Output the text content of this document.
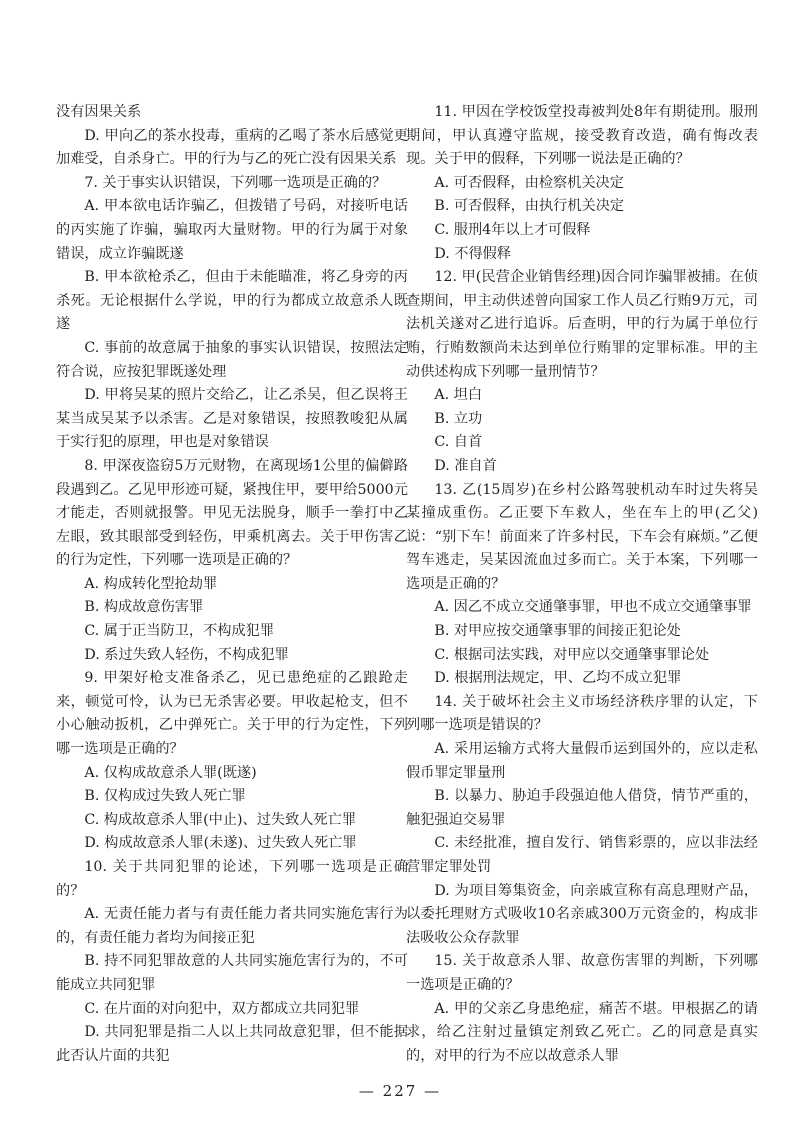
没有因果关系

D. 甲向乙的茶水投毒，重病的乙喝了茶水后感觉更加难受，自杀身亡。甲的行为与乙的死亡没有因果关系

7. 关于事实认识错误，下列哪一选项是正确的？

A. 甲本欲电话诈骗乙，但拨错了号码，对接听电话的丙实施了诈骗，骗取丙大量财物。甲的行为属于对象错误，成立诈骗既遂

B. 甲本欲枪杀乙，但由于未能瞄准，将乙身旁的丙杀死。无论根据什么学说，甲的行为都成立故意杀人既遂

C. 事前的故意属于抽象的事实认识错误，按照法定符合说，应按犯罪既遂处理

D. 甲将吴某的照片交给乙，让乙杀吴，但乙误将王某当成吴某予以杀害。乙是对象错误，按照教唆犯从属于实行犯的原理，甲也是对象错误

8. 甲深夜盗窃5万元财物，在离现场1公里的偏僻路段遇到乙。乙见甲形迹可疑，紧拽住甲，要甲给5000元才能走，否则就报警。甲见无法脱身，顺手一拳打中乙左眼，致其眼部受到轻伤，甲乘机离去。关于甲伤害乙的行为定性，下列哪一选项是正确的？

A. 构成转化型抢劫罪

B. 构成故意伤害罪

C. 属于正当防卫，不构成犯罪

D. 系过失致人轻伤，不构成犯罪

9. 甲架好枪支准备杀乙，见已患绝症的乙踉跄走来，顿觉可怜，认为已无杀害必要。甲收起枪支，但不小心触动扳机，乙中弹死亡。关于甲的行为定性，下列哪一选项是正确的？

A. 仅构成故意杀人罪(既遂)

B. 仅构成过失致人死亡罪

C. 构成故意杀人罪(中止)、过失致人死亡罪

D. 构成故意杀人罪(未遂)、过失致人死亡罪

10. 关于共同犯罪的论述，下列哪一选项是正确的？

A. 无责任能力者与有责任能力者共同实施危害行为的，有责任能力者均为间接正犯

B. 持不同犯罪故意的人共同实施危害行为的，不可能成立共同犯罪

C. 在片面的对向犯中，双方都成立共同犯罪

D. 共同犯罪是指二人以上共同故意犯罪，但不能据此否认片面的共犯

11. 甲因在学校饭堂投毒被判处8年有期徒刑。服刑期间，甲认真遵守监规，接受教育改造，确有悔改表现。关于甲的假释，下列哪一说法是正确的？

A. 可否假释，由检察机关决定

B. 可否假释，由执行机关决定

C. 服刑4年以上才可假释

D. 不得假释

12. 甲(民营企业销售经理)因合同诈骗罪被捕。在侦查期间，甲主动供述曾向国家工作人员乙行贿9万元，司法机关遂对乙进行追诉。后查明，甲的行为属于单位行贿，行贿数额尚未达到单位行贿罪的定罪标准。甲的主动供述构成下列哪一量刑情节？

A. 坦白

B. 立功

C. 自首

D. 准自首

13. 乙(15周岁)在乡村公路驾驶机动车时过失将吴某撞成重伤。乙正要下车救人，坐在车上的甲(乙父)说：“别下车！前面来了许多村民，下车会有麻烦。”乙便驾车逃走，吴某因流血过多而亡。关于本案，下列哪一选项是正确的？

A. 因乙不成立交通肇事罪，甲也不成立交通肇事罪

B. 对甲应按交通肇事罪的间接正犯论处

C. 根据司法实践，对甲应以交通肇事罪论处

D. 根据刑法规定，甲、乙均不成立犯罪

14. 关于破坏社会主义市场经济秩序罪的认定，下列哪一选项是错误的？

A. 采用运输方式将大量假币运到国外的，应以走私假币罪定罪量刑

B. 以暴力、胁迫手段强迫他人借贷，情节严重的，触犯强迫交易罪

C. 未经批准，擅自发行、销售彩票的，应以非法经营罪定罪处罚

D. 为项目筹集资金，向亲戚宣称有高息理财产品，以委托理财方式吸收10名亲戚300万元资金的，构成非法吸收公众存款罪

15. 关于故意杀人罪、故意伤害罪的判断，下列哪一选项是正确的？

A. 甲的父亲乙身患绝症，痛苦不堪。甲根据乙的请求，给乙注射过量镇定剂致乙死亡。乙的同意是真实的，对甲的行为不应以故意杀人罪

— 227 —
